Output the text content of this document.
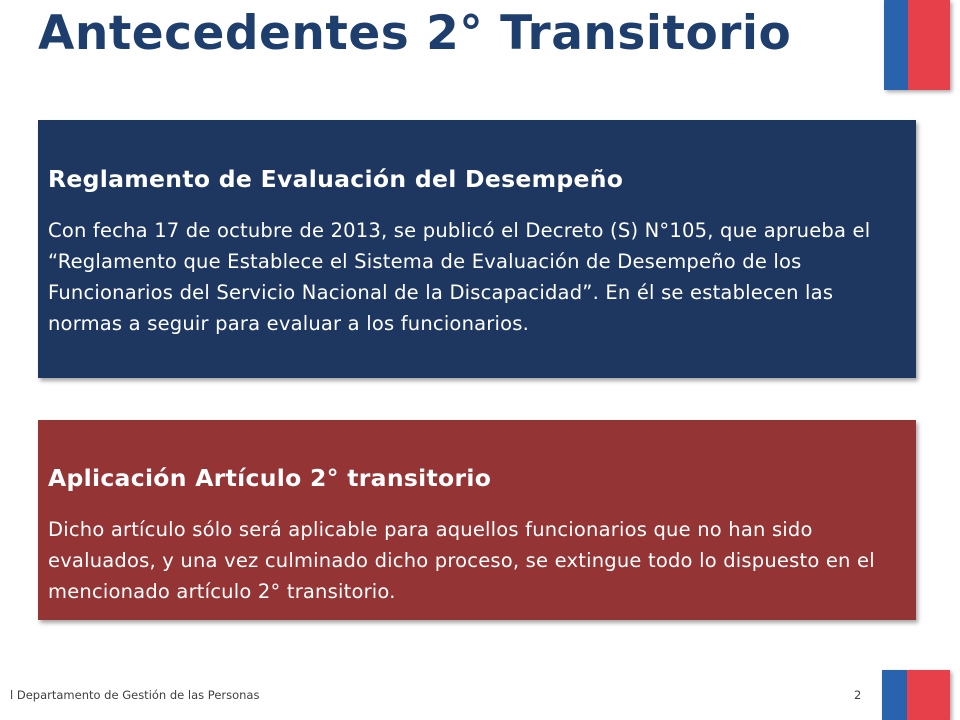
Antecedentes 2° Transitorio
Reglamento de Evaluación del Desempeño

Con fecha 17 de octubre de 2013, se publicó el Decreto (S) N°105, que aprueba el “Reglamento que Establece el Sistema de Evaluación de Desempeño de los Funcionarios del Servicio Nacional de la Discapacidad”. En él se establecen las normas a seguir para evaluar a los funcionarios.

Aplicación Artículo 2° transitorio

Dicho artículo sólo será aplicable para aquellos funcionarios que no han sido evaluados, y una vez culminado dicho proceso, se extingue todo lo dispuesto en el mencionado artículo 2° transitorio.

l Departamento de Gestión de las Personas	2
